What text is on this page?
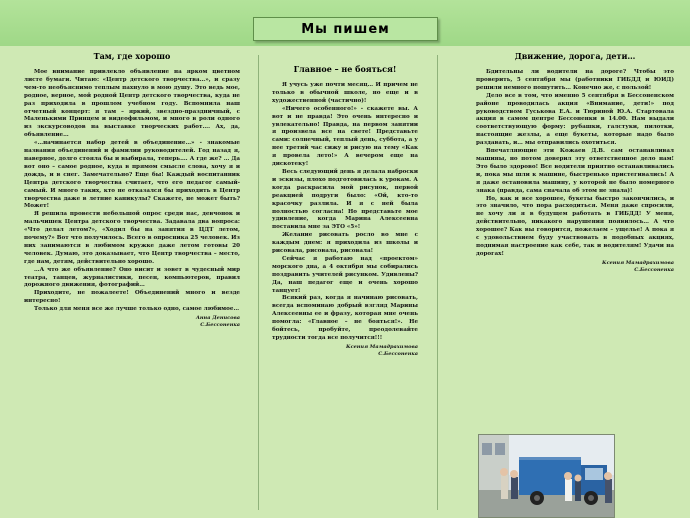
Мы пишем
Там, где хорошо

Мое внимание привлекло объявление на ярком цветном листе бумаги. Читаю: «Центр детского творчества…», и сразу чем-то необъяснимо теплым пахнуло в мою душу. Это ведь мое, родное, верное, мой родной Центр детского творчества, куда не раз приходила в прошлом учебном году. Вспомнила наш отчетный концерт: я там – яркий, звездно-праздничный, с Маленькими Принцем и видеофильмом, и много в роли одного из экскурсоводов на выставке творческих работ…. Ах, да, объявление…

«…начинается набор детей в объединение…» - знакомые названия объединений и фамилии руководителей. Год назад я, наверное, долго стояла бы и выбирала, теперь…. А где же? … Да вот оно – самое родное, куда в прямом смысле слова, хочу я и дождь, и в снег. Замечательно? Еще бы! Каждый воспитанник Центра детского творчества считает, что его педагог самый-самый. И много таких, кто не отказался бы приходить в Центр творчества даже в летние каникулы? Скажете, не может быть? Может!

Я решила провести небольшой опрос среди нас, девчонок и мальчишек Центра детского творчества. Задавала два вопроса: «Что делал летом?», «Ходил бы на занятия в ЦДТ летом, почему?» Вот что получилось. Всего в опросника 25 человек. Из них занимаются в любимом кружке даже летом готовы 20 человек. Думаю, это доказывает, что Центр творчества – место, где нам, детям, действительно хорошо.

…А что же объявление? Оно висит и зовет в чудесный мир театра, танцев, журналистики, песен, компьютеров, правил дорожного движения, фотографий…

Приходите, не пожалеете! Объединений много и везде интересно!

Только для меня все же лучше только одно, самое любимое…

Анна Денисова
С.Бессоненка
Главное – не бояться!

Я учусь уже почти месяц… И причем не только в обычной школе, но еще и в художественной (частично)!

«Ничего особенного!» - скажете вы. А вот и не правда! Это очень интересно и увлекательно! Правда, на первом занятии я произвела все на свете! Представьте сами: солнечный, теплый день, суббота, а у нее третий час сижу и рисую на тему «Как я провела лето!» А вечером еще на дискотеку!

Весь следующий день я делала наброски и эскизы, плохо подготовилась к урокам. А когда раскрасила мой рисунок, первой реакцией подруги было: «Ой, кто-то красочку разлила. И я с ней была полностью согласна! Но представьте мое удивление, когда Марина Алексеевна поставила мне за ЭТО «5»!

Желание рисовать росло во мне с каждым днем: я приходила из школы и рисовала, рисовала, рисовала!

Сейчас я работаю над «проектом» морского дна, а 4 октября мы собирались поздравить учителей рисунком. Удивлены? Да, наш педагог еще и очень хорошо танцует!

Всякий раз, когда я начинаю рисовать, всегда вспоминаю добрый взгляд Марины Алексеевны ее и фразу, которая мне очень помогла: «Главное – не бояться!». Не бойтесь, пробуйте, преодолевайте трудности тогда все получится!!!

Ксения Мамадрахимова
С.Бессоненка
Движение, дорога, дети…

Бдительны ли водители на дороге? Чтобы это проверить, 5 сентября мы (работники ГИБДД и ЮИД) решили немного пошутить… Конечно же, с пользой!

Дело все в том, что именно 5 сентября в Бессоненском районе проводилась акция «Внимание, дети!» под руководством Гуськова Е.А. и Тюриной Ю.А. Стартовала акция в самом центре Бессоненки в 14.00. Нам выдали соответствующую форму: рубашки, галстуки, пилотки, настоящие жезлы, а еще букеты, которые надо было раздавать, и… мы отправились охотиться.

Впечатляющие эти Кожаев Д.В. сам останавливал машины, но потом доверил эту ответственное дело нам! Это было здорово! Все водители приятно останавливались и, пока мы шли к машине, быстренько пристегивались! А я даже остановила машину, у которой не было номерного знака (правда, сама сначала об этом не знала)!

Но, как и все хорошее, букеты быстро закончились, и это значило, что пора расходиться. Меня даже спросили, не хочу ли я в будущем работать в ГИБДД! У меня, действительно, никакого нарушения появилось… А что хорошее? Как вы говорится, пожелаем – ущелье! А пока я с удовольствием буду участвовать в подобных акциях, поднимая настроение как себе, так и водителям! Удачи на дорогах!

Ксения Мамадрахимова
С.Бессоненка
